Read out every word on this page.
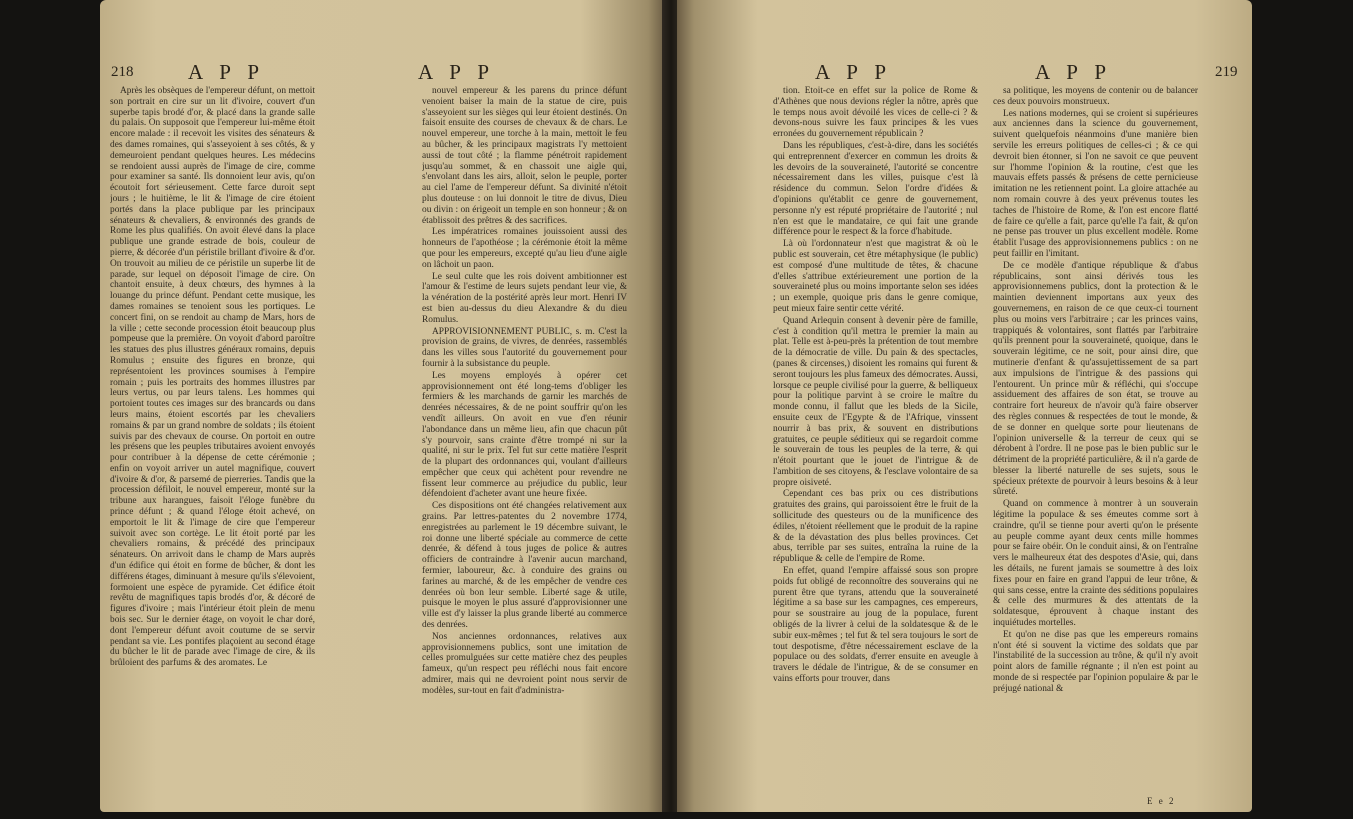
218	A P P	A P P

Après les obsèques de l'empereur défunt, on mettoit son portrait en cire sur un lit d'ivoire, couvert d'un superbe tapis brodé d'or, & placé dans la grande salle du palais. On supposoit que l'empereur lui-même étoit encore malade : il recevoit les visites des sénateurs & des dames romaines, qui s'asseyoient à ses côtés, & y demeuroient pendant quelques heures. Les médecins se rendoient aussi auprès de l'image de cire, comme pour examiner sa santé. Ils donnoient leur avis, qu'on écoutoit fort sérieusement. Cette farce duroit sept jours ; le huitième, le lit & l'image de cire étoient portés dans la place publique par les principaux sénateurs & chevaliers, & environnés des grands de Rome les plus qualifiés. On avoit élevé dans la place publique une grande estrade de bois, couleur de pierre, & décorée d'un péristile brillant d'ivoire & d'or. On trouvoit au milieu de ce péristile un superbe lit de parade, sur lequel on déposoit l'image de cire. On chantoit ensuite, à deux chœurs, des hymnes à la louange du prince défunt. Pendant cette musique, les dames romaines se tenoient sous les portiques. Le concert fini, on se rendoit au champ de Mars, hors de la ville ; cette seconde procession étoit beaucoup plus pompeuse que la première. On voyoit d'abord paroître les statues des plus illustres généraux romains, depuis Romulus ; ensuite des figures en bronze, qui représentoient les provinces soumises à l'empire romain ; puis les portraits des hommes illustres par leurs vertus, ou par leurs talens. Les hommes qui portoient toutes ces images sur des brancards ou dans leurs mains, étoient escortés par les chevaliers romains & par un grand nombre de soldats ; ils étoient suivis par des chevaux de course. On portoit en outre les présens que les peuples tributaires avoient envoyés pour contribuer à la dépense de cette cérémonie ; enfin on voyoit arriver un autel magnifique, couvert d'ivoire & d'or, & parsemé de pierreries. Tandis que la procession défiloit, le nouvel empereur, monté sur la tribune aux harangues, faisoit l'éloge funèbre du prince défunt ; & quand l'éloge étoit achevé, on emportoit le lit & l'image de cire que l'empereur suivoit avec son cortège. Le lit étoit porté par les chevaliers romains, & précédé des principaux sénateurs. On arrivoit dans le champ de Mars auprès d'un édifice qui étoit en forme de bûcher, & dont les différens étages, diminuant à mesure qu'ils s'élevoient, formoient une espèce de pyramide. Cet édifice étoit revêtu de magnifiques tapis brodés d'or, & décoré de figures d'ivoire ; mais l'intérieur étoit plein de menu bois sec. Sur le dernier étage, on voyoit le char doré, dont l'empereur défunt avoit coutume de se servir pendant sa vie. Les pontifes plaçoient au second étage du bûcher le lit de parade avec l'image de cire, & ils brûloient des parfums & des aromates. Le

nouvel empereur & les parens du prince défunt venoient baiser la main de la statue de cire, puis s'asseyoient sur les sièges qui leur étoient destinés. On faisoit ensuite des courses de chevaux & de chars. Le nouvel empereur, une torche à la main, mettoit le feu au bûcher, & les principaux magistrats l'y mettoient aussi de tout côté ; la flamme pénétroit rapidement jusqu'au sommet, & en chassoit une aigle qui, s'envolant dans les airs, alloit, selon le peuple, porter au ciel l'ame de l'empereur défunt. Sa divinité n'étoit plus douteuse : on lui donnoit le titre de divus, Dieu ou divin : on érigeoit un temple en son honneur ; & on établissoit des prêtres & des sacrifices.

Les impératrices romaines jouissoient aussi des honneurs de l'apothéose ; la cérémonie étoit la même que pour les empereurs, excepté qu'au lieu d'une aigle on lâchoit un paon.

Le seul culte que les rois doivent ambitionner est l'amour & l'estime de leurs sujets pendant leur vie, & la vénération de la postérité après leur mort. Henri IV est bien au-dessus du dieu Alexandre & du dieu Romulus.

APPROVISIONNEMENT PUBLIC, s. m. C'est la provision de grains, de vivres, de denrées, rassemblés dans les villes sous l'autorité du gouvernement pour fournir à la subsistance du peuple.

Les moyens employés à opérer cet approvisionnement ont été long-tems d'obliger les fermiers & les marchands de garnir les marchés de denrées nécessaires, & de ne point souffrir qu'on les vendît ailleurs. On avoit en vue d'en réunir l'abondance dans un même lieu, afin que chacun pût s'y pourvoir, sans crainte d'être trompé ni sur la qualité, ni sur le prix. Tel fut sur cette matière l'esprit de la plupart des ordonnances qui, voulant d'ailleurs empêcher que ceux qui achètent pour revendre ne fissent leur commerce au préjudice du public, leur défendoient d'acheter avant une heure fixée.

Ces dispositions ont été changées relativement aux grains. Par lettres-patentes du 2 novembre 1774, enregistrées au parlement le 19 décembre suivant, le roi donne une liberté spéciale au commerce de cette denrée, & défend à tous juges de police & autres officiers de contraindre à l'avenir aucun marchand, fermier, laboureur, &c. à conduire des grains ou farines au marché, & de les empêcher de vendre ces denrées où bon leur semble. Liberté sage & utile, puisque le moyen le plus assuré d'approvisionner une ville est d'y laisser la plus grande liberté au commerce des denrées.

Nos anciennes ordonnances, relatives aux approvisionnemens publics, sont une imitation de celles promulguées sur cette matière chez des peuples fameux, qu'un respect peu réfléchi nous fait encore admirer, mais qui ne devroient point nous servir de modèles, sur-tout en fait d'administra-

A P P	A P P	219

tion. Etoit-ce en effet sur la police de Rome & d'Athènes que nous devions régler la nôtre, après que le temps nous avoit dévoilé les vices de celle-ci ? & devons-nous suivre les faux principes & les vues erronées du gouvernement républicain ?

Dans les républiques, c'est-à-dire, dans les sociétés qui entreprennent d'exercer en commun les droits & les devoirs de la souveraineté, l'autorité se concentre nécessairement dans les villes, puisque c'est là résidence du commun. Selon l'ordre d'idées & d'opinions qu'établit ce genre de gouvernement, personne n'y est réputé propriétaire de l'autorité ; nul n'en est que le mandataire, ce qui fait une grande différence pour le respect & la force d'habitude.

Là où l'ordonnateur n'est que magistrat & où le public est souverain, cet être métaphysique (le public) est composé d'une multitude de têtes, & chacune d'elles s'attribue extérieurement une portion de la souveraineté plus ou moins importante selon ses idées ; un exemple, quoique pris dans le genre comique, peut mieux faire sentir cette vérité.

Quand Arlequin consent à devenir père de famille, c'est à condition qu'il mettra le premier la main au plat. Telle est à-peu-près la prétention de tout membre de la démocratie de ville. Du pain & des spectacles, (panes & circenses,) disoient les romains qui furent & seront toujours les plus fameux des démocrates. Aussi, lorsque ce peuple civilisé pour la guerre, & belliqueux pour la politique parvint à se croire le maître du monde connu, il fallut que les bleds de la Sicile, ensuite ceux de l'Egypte & de l'Afrique, vinssent nourrir à bas prix, & souvent en distributions gratuites, ce peuple séditieux qui se regardoit comme le souverain de tous les peuples de la terre, & qui n'étoit pourtant que le jouet de l'intrigue & de l'ambition de ses citoyens, & l'esclave volontaire de sa propre oisiveté.

Cependant ces bas prix ou ces distributions gratuites des grains, qui paroissoient être le fruit de la sollicitude des questeurs ou de la munificence des édiles, n'étoient réellement que le produit de la rapine & de la dévastation des plus belles provinces. Cet abus, terrible par ses suites, entraîna la ruine de la république & celle de l'empire de Rome.

En effet, quand l'empire affaissé sous son propre poids fut obligé de reconnoître des souverains qui ne purent être que tyrans, attendu que la souveraineté légitime a sa base sur les campagnes, ces empereurs, pour se soustraire au joug de la populace, furent obligés de la livrer à celui de la soldatesque & de le subir eux-mêmes ; tel fut & tel sera toujours le sort de tout despotisme, d'être nécessairement esclave de la populace ou des soldats, d'errer ensuite en aveugle à travers le dédale de l'intrigue, & de se consumer en vains efforts pour trouver, dans

sa politique, les moyens de contenir ou de balancer ces deux pouvoirs monstrueux.

Les nations modernes, qui se croient si supérieures aux anciennes dans la science du gouvernement, suivent quelquefois néanmoins d'une manière bien servile les erreurs politiques de celles-ci ; & ce qui devroit bien étonner, si l'on ne savoit ce que peuvent sur l'homme l'opinion & la routine, c'est que les mauvais effets passés & présens de cette pernicieuse imitation ne les retiennent point. La gloire attachée au nom romain couvre à des yeux prévenus toutes les taches de l'histoire de Rome, & l'on est encore flatté de faire ce qu'elle a fait, parce qu'elle l'a fait, & qu'on ne pense pas trouver un plus excellent modèle. Rome établit l'usage des approvisionnemens publics : on ne peut faillir en l'imitant.

De ce modèle d'antique république & d'abus républicains, sont ainsi dérivés tous les approvisionnemens publics, dont la protection & le maintien deviennent importans aux yeux des gouvernemens, en raison de ce que ceux-ci tournent plus ou moins vers l'arbitraire ; car les princes vains, trappiqués & volontaires, sont flattés par l'arbitraire qu'ils prennent pour la souveraineté, quoique, dans le souverain légitime, ce ne soit, pour ainsi dire, que mutinerie d'enfant & qu'assujettissement de sa part aux impulsions de l'intrigue & des passions qui l'entourent. Un prince mûr & réfléchi, qui s'occupe assiduement des affaires de son état, se trouve au contraire fort heureux de n'avoir qu'à faire observer des règles connues & respectées de tout le monde, & de se donner en quelque sorte pour lieutenans de l'opinion universelle & la terreur de ceux qui se dérobent à l'ordre. Il ne pose pas le bien public sur le détriment de la propriété particulière, & il n'a garde de blesser la liberté naturelle de ses sujets, sous le spécieux prétexte de pourvoir à leurs besoins & à leur sûreté.

Quand on commence à montrer à un souverain légitime la populace & ses émeutes comme sort à craindre, qu'il se tienne pour averti qu'on le présente au peuple comme ayant deux cents mille hommes pour se faire obéir. On le conduit ainsi, & on l'entraîne vers le malheureux état des despotes d'Asie, qui, dans les détails, ne furent jamais se soumettre à des loix fixes pour en faire en grand l'appui de leur trône, & qui sans cesse, entre la crainte des séditions populaires & celle des murmures & des attentats de la soldatesque, éprouvent à chaque instant des inquiétudes mortelles.

Et qu'on ne dise pas que les empereurs romains n'ont été si souvent la victime des soldats que par l'instabilité de la succession au trône, & qu'il n'y avoit point alors de famille régnante ; il n'en est point au monde de si respectée par l'opinion populaire & par le préjugé national &

E e 2
